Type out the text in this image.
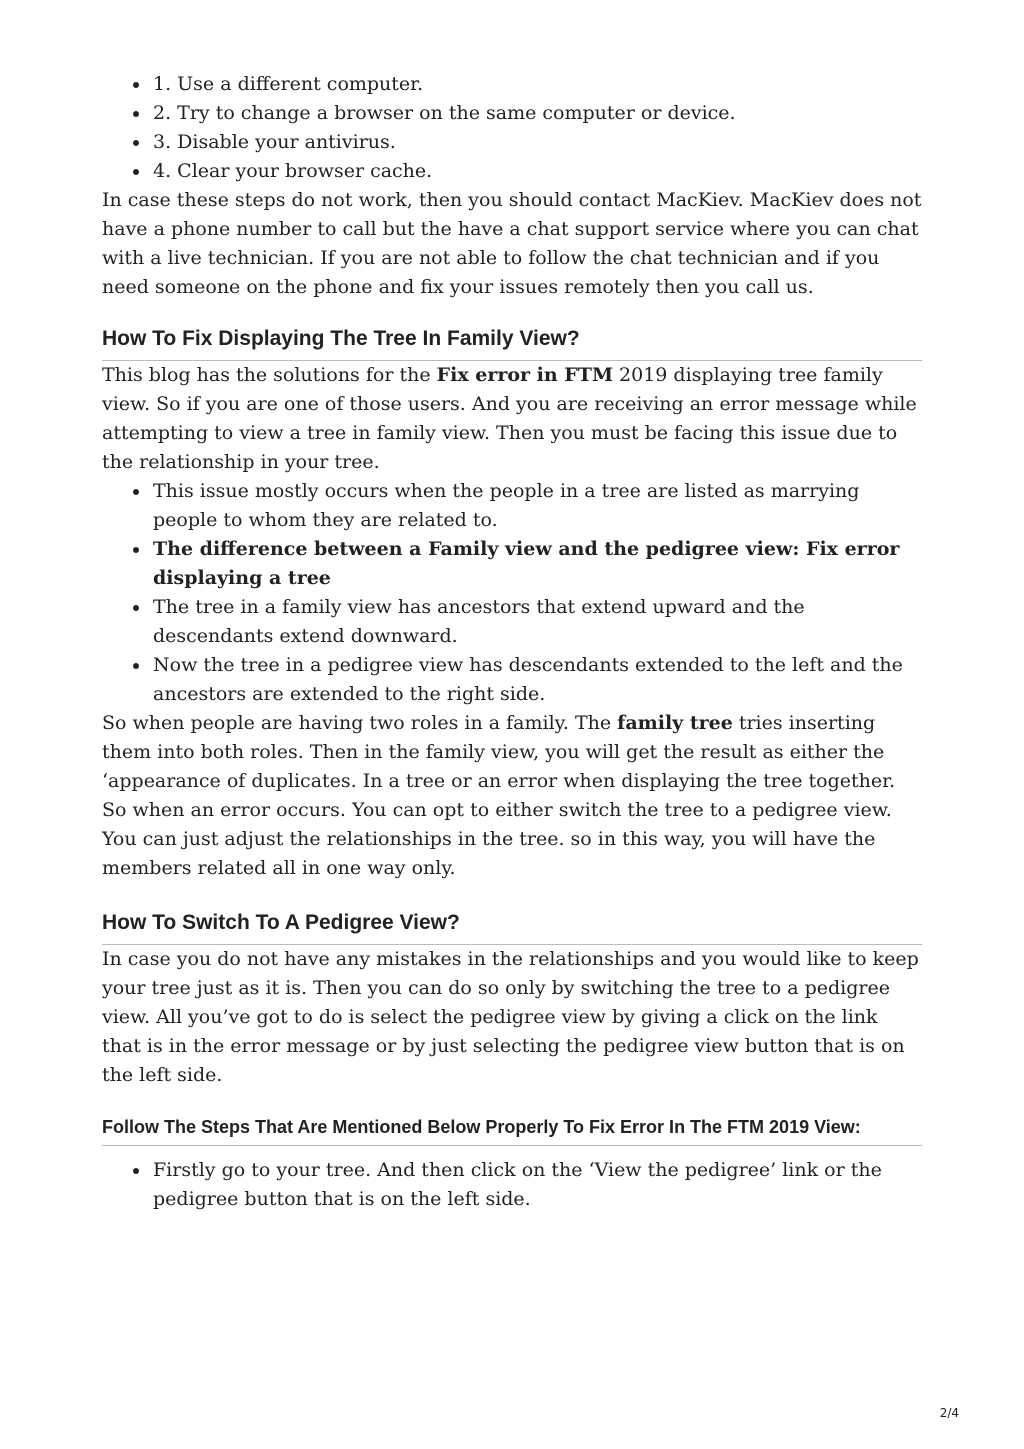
1. Use a different computer.
2. Try to change a browser on the same computer or device.
3. Disable your antivirus.
4. Clear your browser cache.

In case these steps do not work, then you should contact MacKiev. MacKiev does not have a phone number to call but the have a chat support service where you can chat with a live technician. If you are not able to follow the chat technician and if you need someone on the phone and fix your issues remotely then you call us.

How To Fix Displaying The Tree In Family View?

This blog has the solutions for the Fix error in FTM 2019 displaying tree family view. So if you are one of those users. And you are receiving an error message while attempting to view a tree in family view. Then you must be facing this issue due to the relationship in your tree.

This issue mostly occurs when the people in a tree are listed as marrying people to whom they are related to.
The difference between a Family view and the pedigree view: Fix error displaying a tree
The tree in a family view has ancestors that extend upward and the descendants extend downward.
Now the tree in a pedigree view has descendants extended to the left and the ancestors are extended to the right side.

So when people are having two roles in a family. The family tree tries inserting them into both roles. Then in the family view, you will get the result as either the ‘appearance of duplicates. In a tree or an error when displaying the tree together. So when an error occurs. You can opt to either switch the tree to a pedigree view. You can just adjust the relationships in the tree. so in this way, you will have the members related all in one way only.

How To Switch To A Pedigree View?

In case you do not have any mistakes in the relationships and you would like to keep your tree just as it is. Then you can do so only by switching the tree to a pedigree view. All you’ve got to do is select the pedigree view by giving a click on the link that is in the error message or by just selecting the pedigree view button that is on the left side.

Follow The Steps That Are Mentioned Below Properly To Fix Error In The FTM 2019 View:
Firstly go to your tree. And then click on the ‘View the pedigree’ link or the pedigree button that is on the left side.
2/4
